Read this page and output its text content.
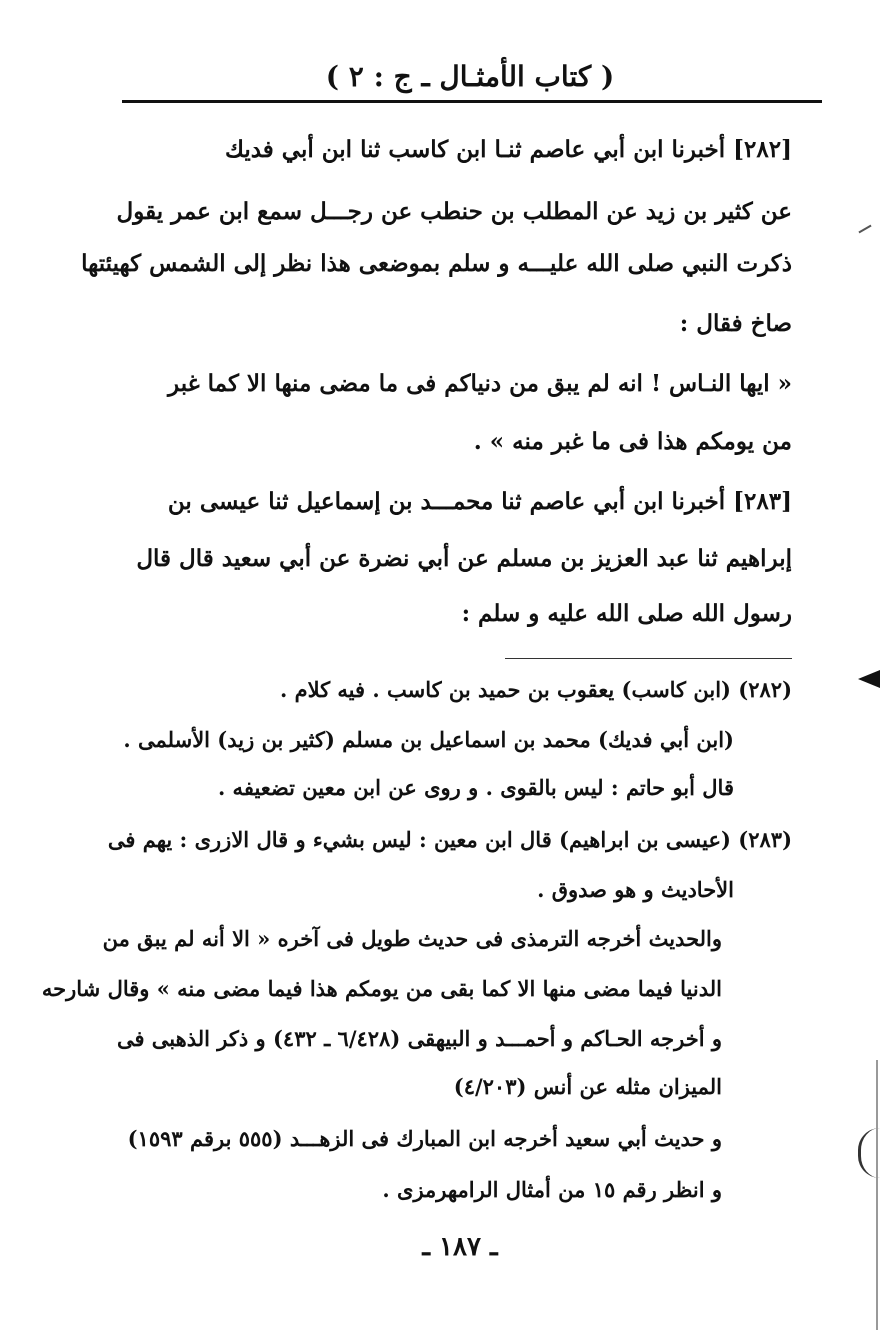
( كتاب الأمثـال ـ ج : ٢ )
[٢٨٢] أخبرنا ابن أبي عاصم ثنـا ابن كاسب ثنا ابن أبي فديك
عن كثير بن زيد عن المطلب بن حنطب عن رجـــل سمع ابن عمر يقول
ذكرت النبي صلى الله عليـــه و سلم بموضعى هذا نظر إلى الشمس كهيئتها
صاخ فقال :
« ايها النـاس ! انه لم يبق من دنياكم فى ما مضى منها الا كما غبر
من يومكم هذا فى ما غبر منه » .
[٢٨٣] أخبرنا ابن أبي عاصم ثنا محمـــد بن إسماعيل ثنا عيسى بن
إبراهيم ثنا عبد العزيز بن مسلم عن أبي نضرة عن أبي سعيد قال قال
رسول الله صلى الله عليه و سلم :
(٢٨٢) (ابن كاسب) يعقوب بن حميد بن كاسب . فيه كلام .
(ابن أبي فديك) محمد بن اسماعيل بن مسلم (كثير بن زيد) الأسلمى .
قال أبو حاتم : ليس بالقوى . و روى عن ابن معين تضعيفه .
(٢٨٣) (عيسى بن ابراهيم) قال ابن معين : ليس بشيء و قال الازرى : يهم فى
الأحاديث و هو صدوق .
والحديث أخرجه الترمذى فى حديث طويل فى آخره « الا أنه لم يبق من
الدنيا فيما مضى منها الا كما بقى من يومكم هذا فيما مضى منه » وقال شارحه
و أخرجه الحـاكم و أحمـــد و البيهقى (٦/٤٢٨ ـ ٤٣٢) و ذكر الذهبى فى
الميزان مثله عن أنس (٤/٢٠٣)
و حديث أبي سعيد أخرجه ابن المبارك فى الزهـــد (٥٥٥ برقم ١٥٩٣)
و انظر رقم ١٥ من أمثال الرامهرمزى .
ـ ١٨٧ ـ
